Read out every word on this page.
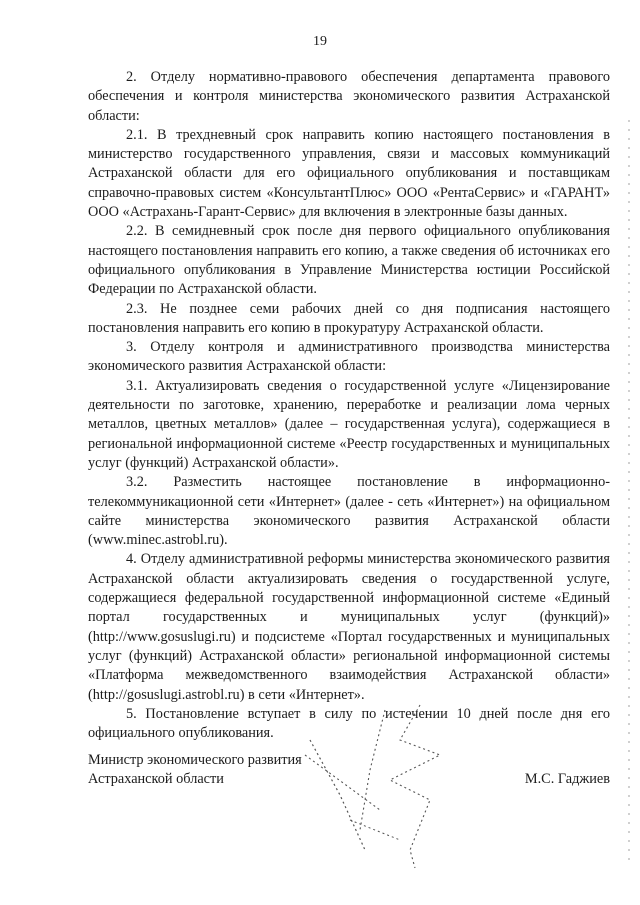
19

2. Отделу нормативно-правового обеспечения департамента правового обеспечения и контроля министерства экономического развития Астраханской области:

2.1. В трехдневный срок направить копию настоящего постановления в министерство государственного управления, связи и массовых коммуникаций Астраханской области для его официального опубликования и поставщикам справочно-правовых систем «КонсультантПлюс» ООО «РентаСервис» и «ГАРАНТ» ООО «Астрахань-Гарант-Сервис» для включения в электронные базы данных.

2.2. В семидневный срок после дня первого официального опубликования настоящего постановления направить его копию, а также сведения об источниках его официального опубликования в Управление Министерства юстиции Российской Федерации по Астраханской области.

2.3. Не позднее семи рабочих дней со дня подписания настоящего постановления направить его копию в прокуратуру Астраханской области.

3. Отделу контроля и административного производства министерства экономического развития Астраханской области:

3.1. Актуализировать сведения о государственной услуге «Лицензирование деятельности по заготовке, хранению, переработке и реализации лома черных металлов, цветных металлов» (далее – государственная услуга), содержащиеся в региональной информационной системе «Реестр государственных и муниципальных услуг (функций) Астраханской области».

3.2. Разместить настоящее постановление в информационно-телекоммуникационной сети «Интернет» (далее - сеть «Интернет») на официальном сайте министерства экономического развития Астраханской области (www.minec.astrobl.ru).

4. Отделу административной реформы министерства экономического развития Астраханской области актуализировать сведения о государственной услуге, содержащиеся федеральной государственной информационной системе «Единый портал государственных и муниципальных услуг (функций)» (http://www.gosuslugi.ru) и подсистеме «Портал государственных и муниципальных услуг (функций) Астраханской области» региональной информационной системы «Платформа межведомственного взаимодействия Астраханской области» (http://gosuslugi.astrobl.ru) в сети «Интернет».

5. Постановление вступает в силу по истечении 10 дней после дня его официального опубликования.

Министр экономического развития
Астраханской области	М.С. Гаджиев
